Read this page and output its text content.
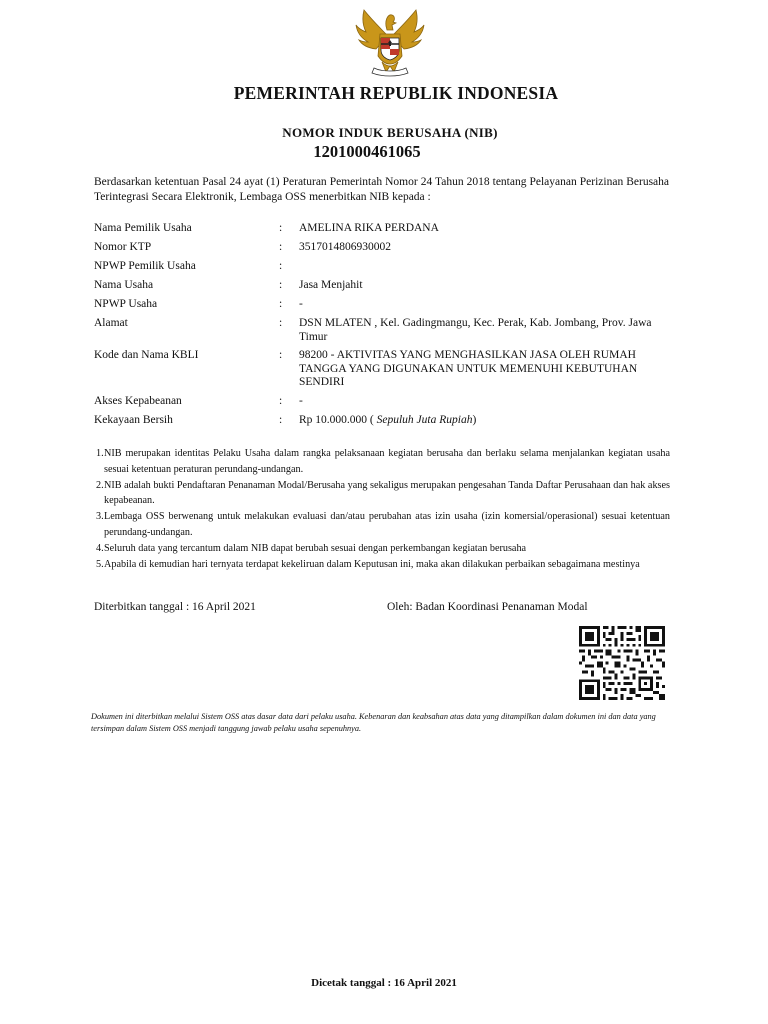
PEMERINTAH REPUBLIK INDONESIA
NOMOR INDUK BERUSAHA (NIB)
1201000461065
Berdasarkan ketentuan Pasal 24 ayat (1) Peraturan Pemerintah Nomor 24 Tahun 2018 tentang Pelayanan Perizinan Berusaha Terintegrasi Secara Elektronik, Lembaga OSS menerbitkan NIB kepada :
Nama Pemilik Usaha	: AMELINA RIKA PERDANA
Nomor KTP	: 3517014806930002
NPWP Pemilik Usaha	:
Nama Usaha	: Jasa Menjahit
NPWP Usaha	: -
Alamat	: DSN MLATEN , Kel. Gadingmangu, Kec. Perak, Kab. Jombang, Prov. Jawa Timur
Kode dan Nama KBLI	: 98200 - AKTIVITAS YANG MENGHASILKAN JASA OLEH RUMAH TANGGA YANG DIGUNAKAN UNTUK MEMENUHI KEBUTUHAN SENDIRI
Akses Kepabeanan	: -
Kekayaan Bersih	: Rp 10.000.000 ( Sepuluh Juta Rupiah)
1. NIB merupakan identitas Pelaku Usaha dalam rangka pelaksanaan kegiatan berusaha dan berlaku selama menjalankan kegiatan usaha sesuai ketentuan peraturan perundang-undangan.
2. NIB adalah bukti Pendaftaran Penanaman Modal/Berusaha yang sekaligus merupakan pengesahan Tanda Daftar Perusahaan dan hak akses kepabeanan.
3. Lembaga OSS berwenang untuk melakukan evaluasi dan/atau perubahan atas izin usaha (izin komersial/operasional) sesuai ketentuan perundang-undangan.
4. Seluruh data yang tercantum dalam NIB dapat berubah sesuai dengan perkembangan kegiatan berusaha
5. Apabila di kemudian hari ternyata terdapat kekeliruan dalam Keputusan ini, maka akan dilakukan perbaikan sebagaimana mestinya
Diterbitkan tanggal : 16 April 2021	Oleh: Badan Koordinasi Penanaman Modal
Dokumen ini diterbitkan melalui Sistem OSS atas dasar data dari pelaku usaha. Kebenaran dan keabsahan atas data yang ditampilkan dalam dokumen ini dan data yang tersimpan dalam Sistem OSS menjadi tanggung jawab pelaku usaha sepenuhnya.
Dicetak tanggal : 16 April 2021
